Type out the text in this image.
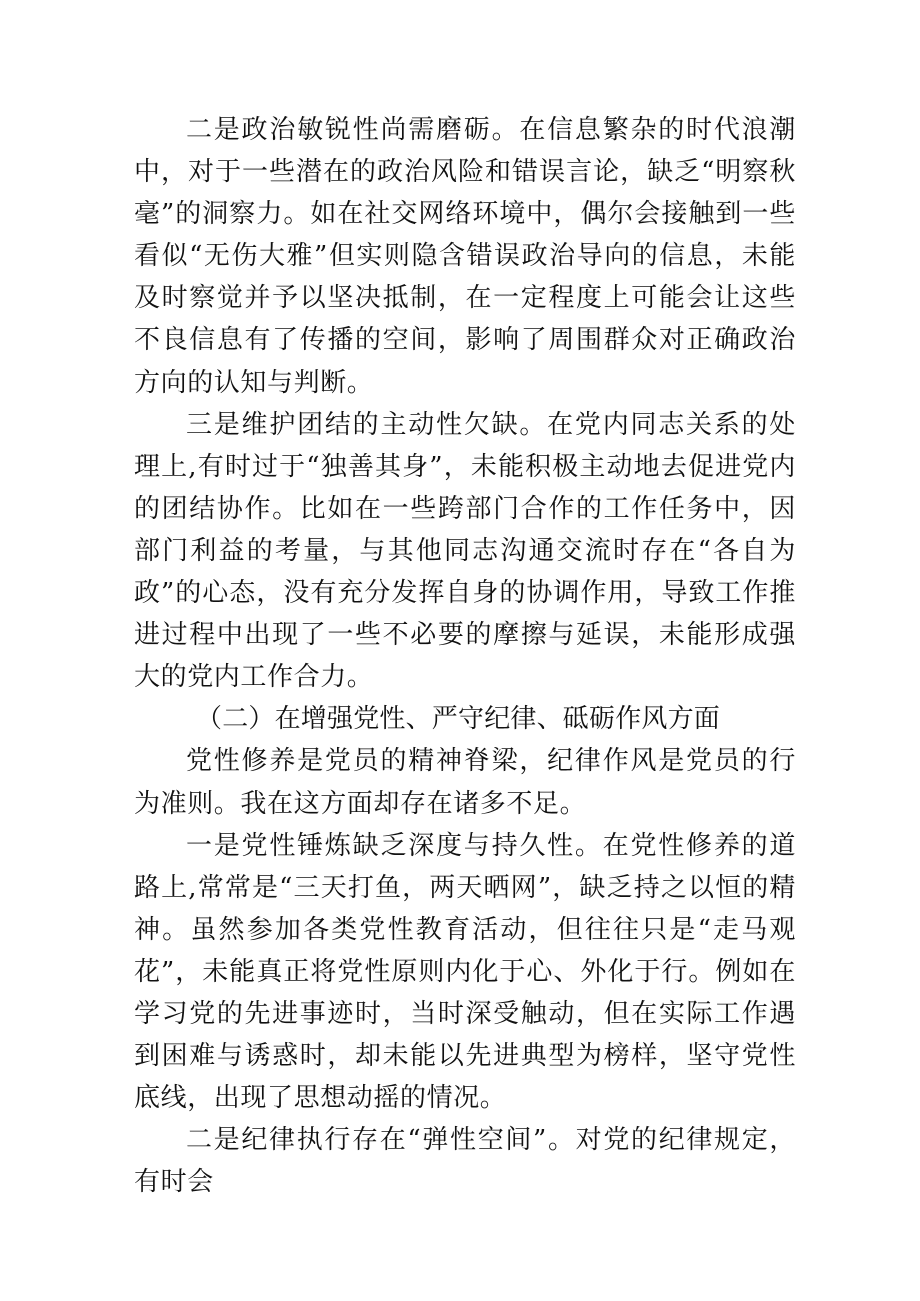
二是政治敏锐性尚需磨砺。在信息繁杂的时代浪潮中，对于一些潜在的政治风险和错误言论，缺乏“明察秋毫”的洞察力。如在社交网络环境中，偶尔会接触到一些看似“无伤大雅”但实则隐含错误政治导向的信息，未能及时察觉并予以坚决抵制，在一定程度上可能会让这些不良信息有了传播的空间，影响了周围群众对正确政治方向的认知与判断。

三是维护团结的主动性欠缺。在党内同志关系的处理上,有时过于“独善其身”，未能积极主动地去促进党内的团结协作。比如在一些跨部门合作的工作任务中，因部门利益的考量，与其他同志沟通交流时存在“各自为政”的心态，没有充分发挥自身的协调作用，导致工作推进过程中出现了一些不必要的摩擦与延误，未能形成强大的党内工作合力。

（二）在增强党性、严守纪律、砥砺作风方面

党性修养是党员的精神脊梁，纪律作风是党员的行为准则。我在这方面却存在诸多不足。

一是党性锤炼缺乏深度与持久性。在党性修养的道路上,常常是“三天打鱼，两天晒网”，缺乏持之以恒的精神。虽然参加各类党性教育活动，但往往只是“走马观花”，未能真正将党性原则内化于心、外化于行。例如在学习党的先进事迹时，当时深受触动，但在实际工作遇到困难与诱惑时，却未能以先进典型为榜样，坚守党性底线，出现了思想动摇的情况。

二是纪律执行存在“弹性空间”。对党的纪律规定，有时会
